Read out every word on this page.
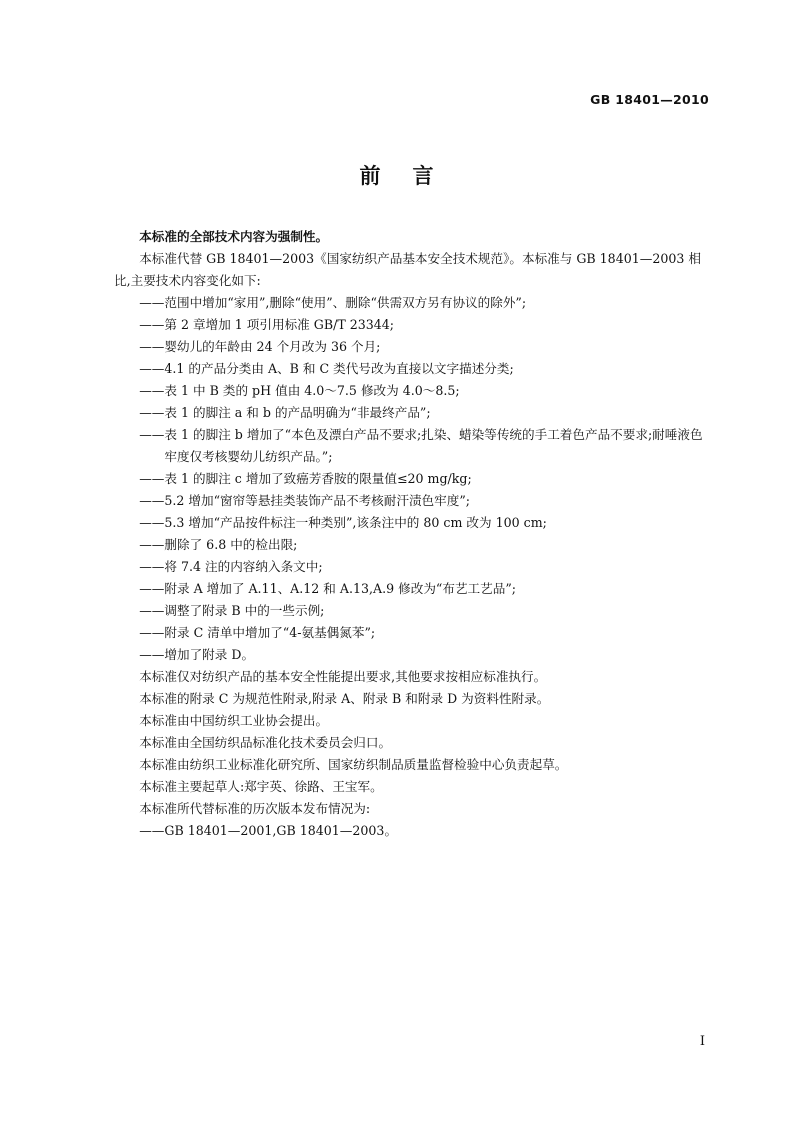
GB 18401—2010
前言

本标准的全部技术内容为强制性。

本标准代替 GB 18401—2003《国家纺织产品基本安全技术规范》。本标准与 GB 18401—2003 相比,主要技术内容变化如下:

——范围中增加“家用”,删除“使用”、删除“供需双方另有协议的除外”;

——第 2 章增加 1 项引用标准 GB/T 23344;

——婴幼儿的年龄由 24 个月改为 36 个月;

——4.1 的产品分类由 A、B 和 C 类代号改为直接以文字描述分类;

——表 1 中 B 类的 pH 值由 4.0～7.5 修改为 4.0～8.5;

——表 1 的脚注 a 和 b 的产品明确为“非最终产品”;

——表 1 的脚注 b 增加了“本色及漂白产品不要求;扎染、蜡染等传统的手工着色产品不要求;耐唾液色牢度仅考核婴幼儿纺织产品。”;

——表 1 的脚注 c 增加了致癌芳香胺的限量值≤20 mg/kg;

——5.2 增加“窗帘等悬挂类装饰产品不考核耐汗渍色牢度”;

——5.3 增加“产品按件标注一种类别”,该条注中的 80 cm 改为 100 cm;

——删除了 6.8 中的检出限;

——将 7.4 注的内容纳入条文中;

——附录 A 增加了 A.11、A.12 和 A.13,A.9 修改为“布艺工艺品”;

——调整了附录 B 中的一些示例;

——附录 C 清单中增加了“4-氨基偶氮苯”;

——增加了附录 D。

本标准仅对纺织产品的基本安全性能提出要求,其他要求按相应标准执行。

本标准的附录 C 为规范性附录,附录 A、附录 B 和附录 D 为资料性附录。

本标准由中国纺织工业协会提出。

本标准由全国纺织品标准化技术委员会归口。

本标准由纺织工业标准化研究所、国家纺织制品质量监督检验中心负责起草。

本标准主要起草人:郑宇英、徐路、王宝军。

本标准所代替标准的历次版本发布情况为:

——GB 18401—2001,GB 18401—2003。

I
